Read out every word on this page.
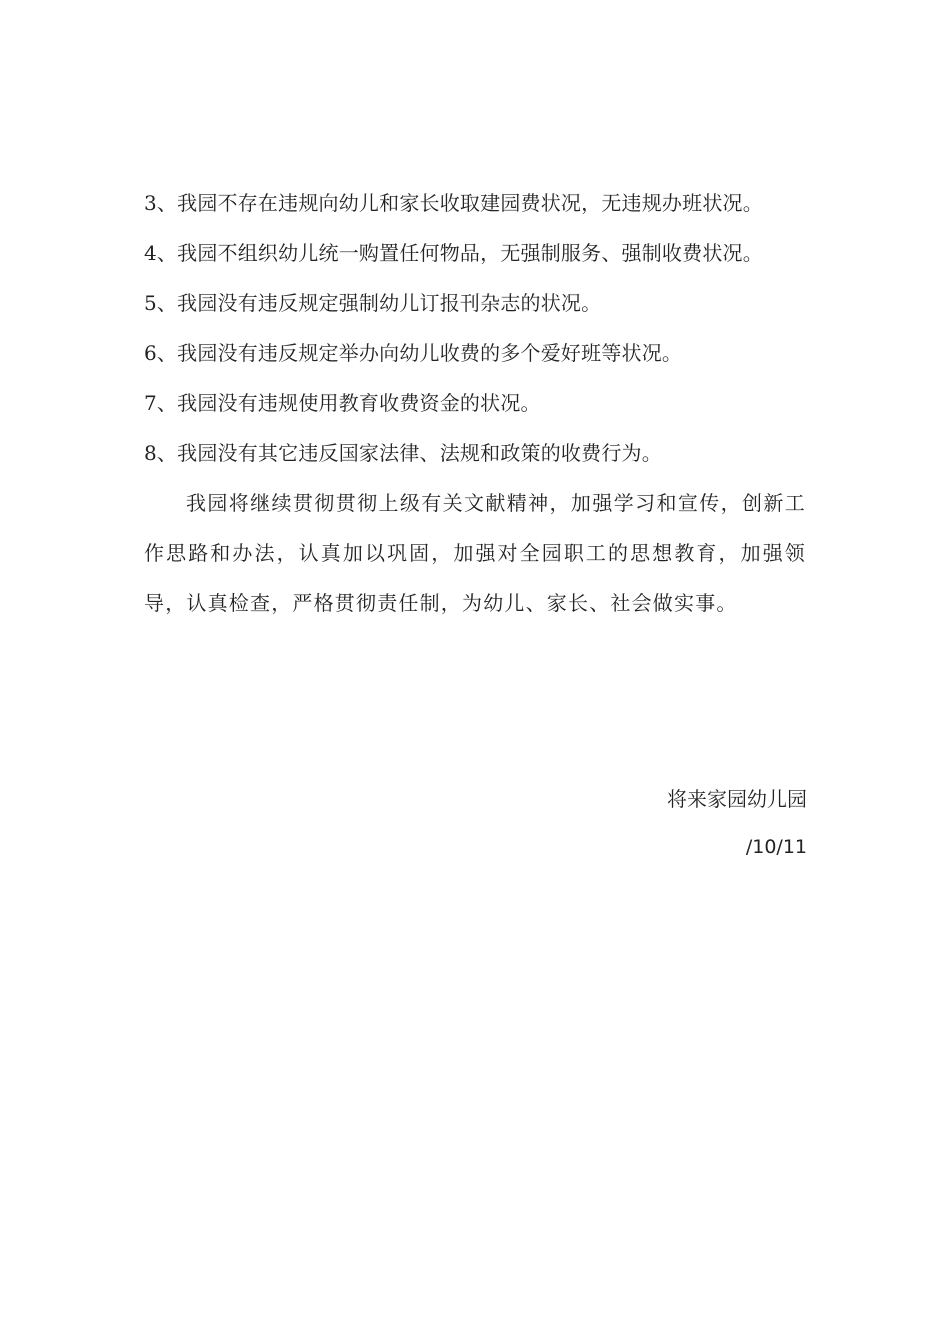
3、我园不存在违规向幼儿和家长收取建园费状况，无违规办班状况。
4、我园不组织幼儿统一购置任何物品，无强制服务、强制收费状况。
5、我园没有违反规定强制幼儿订报刊杂志的状况。
6、我园没有违反规定举办向幼儿收费的多个爱好班等状况。
7、我园没有违规使用教育收费资金的状况。
8、我园没有其它违反国家法律、法规和政策的收费行为。

我园将继续贯彻贯彻上级有关文献精神，加强学习和宣传，创新工作思路和办法，认真加以巩固，加强对全园职工的思想教育，加强领导，认真检查，严格贯彻责任制，为幼儿、家长、社会做实事。

将来家园幼儿园
/10/11
